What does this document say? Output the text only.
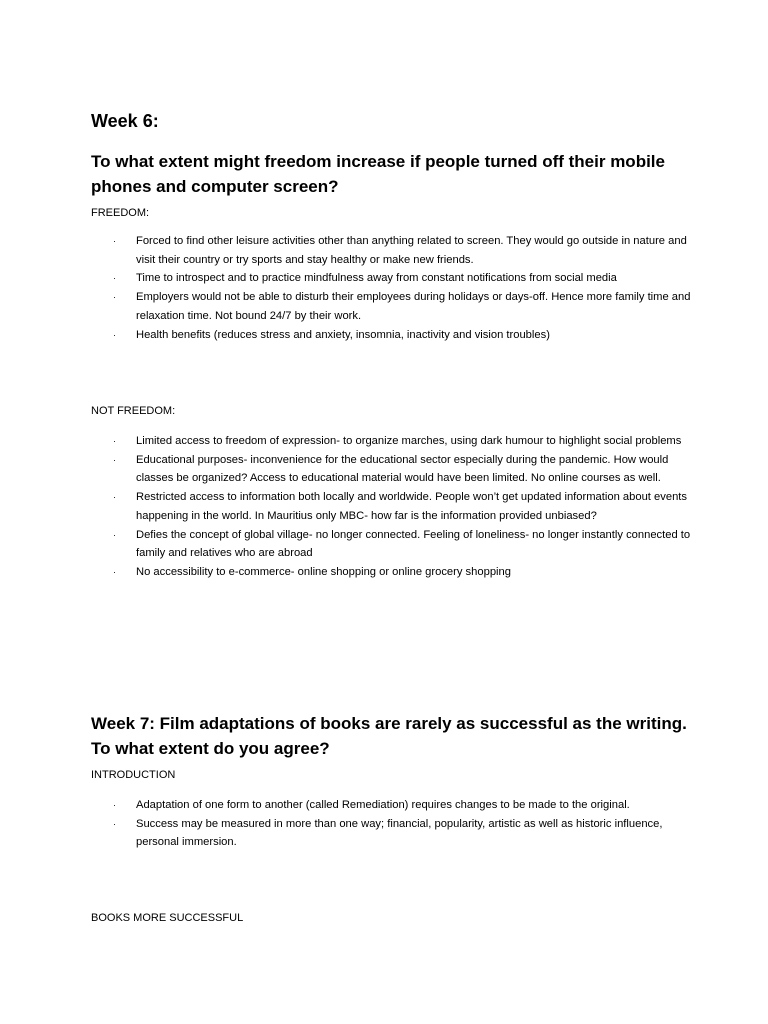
Week 6:
To what extent might freedom increase if people turned off their mobile phones and computer screen?
FREEDOM:
· Forced to find other leisure activities other than anything related to screen. They would go outside in nature and visit their country or try sports and stay healthy or make new friends.
· Time to introspect and to practice mindfulness away from constant notifications from social media
· Employers would not be able to disturb their employees during holidays or days-off. Hence more family time and relaxation time. Not bound 24/7 by their work.
· Health benefits (reduces stress and anxiety, insomnia, inactivity and vision troubles)
NOT FREEDOM:
· Limited access to freedom of expression- to organize marches, using dark humour to highlight social problems
· Educational purposes- inconvenience for the educational sector especially during the pandemic. How would classes be organized? Access to educational material would have been limited. No online courses as well.
· Restricted access to information both locally and worldwide. People won’t get updated information about events happening in the world. In Mauritius only MBC- how far is the information provided unbiased?
· Defies the concept of global village- no longer connected. Feeling of loneliness- no longer instantly connected to family and relatives who are abroad
· No accessibility to e-commerce- online shopping or online grocery shopping
Week 7: Film adaptations of books are rarely as successful as the writing. To what extent do you agree?
INTRODUCTION
· Adaptation of one form to another (called Remediation) requires changes to be made to the original.
· Success may be measured in more than one way; financial, popularity, artistic as well as historic influence, personal immersion.
BOOKS MORE SUCCESSFUL
